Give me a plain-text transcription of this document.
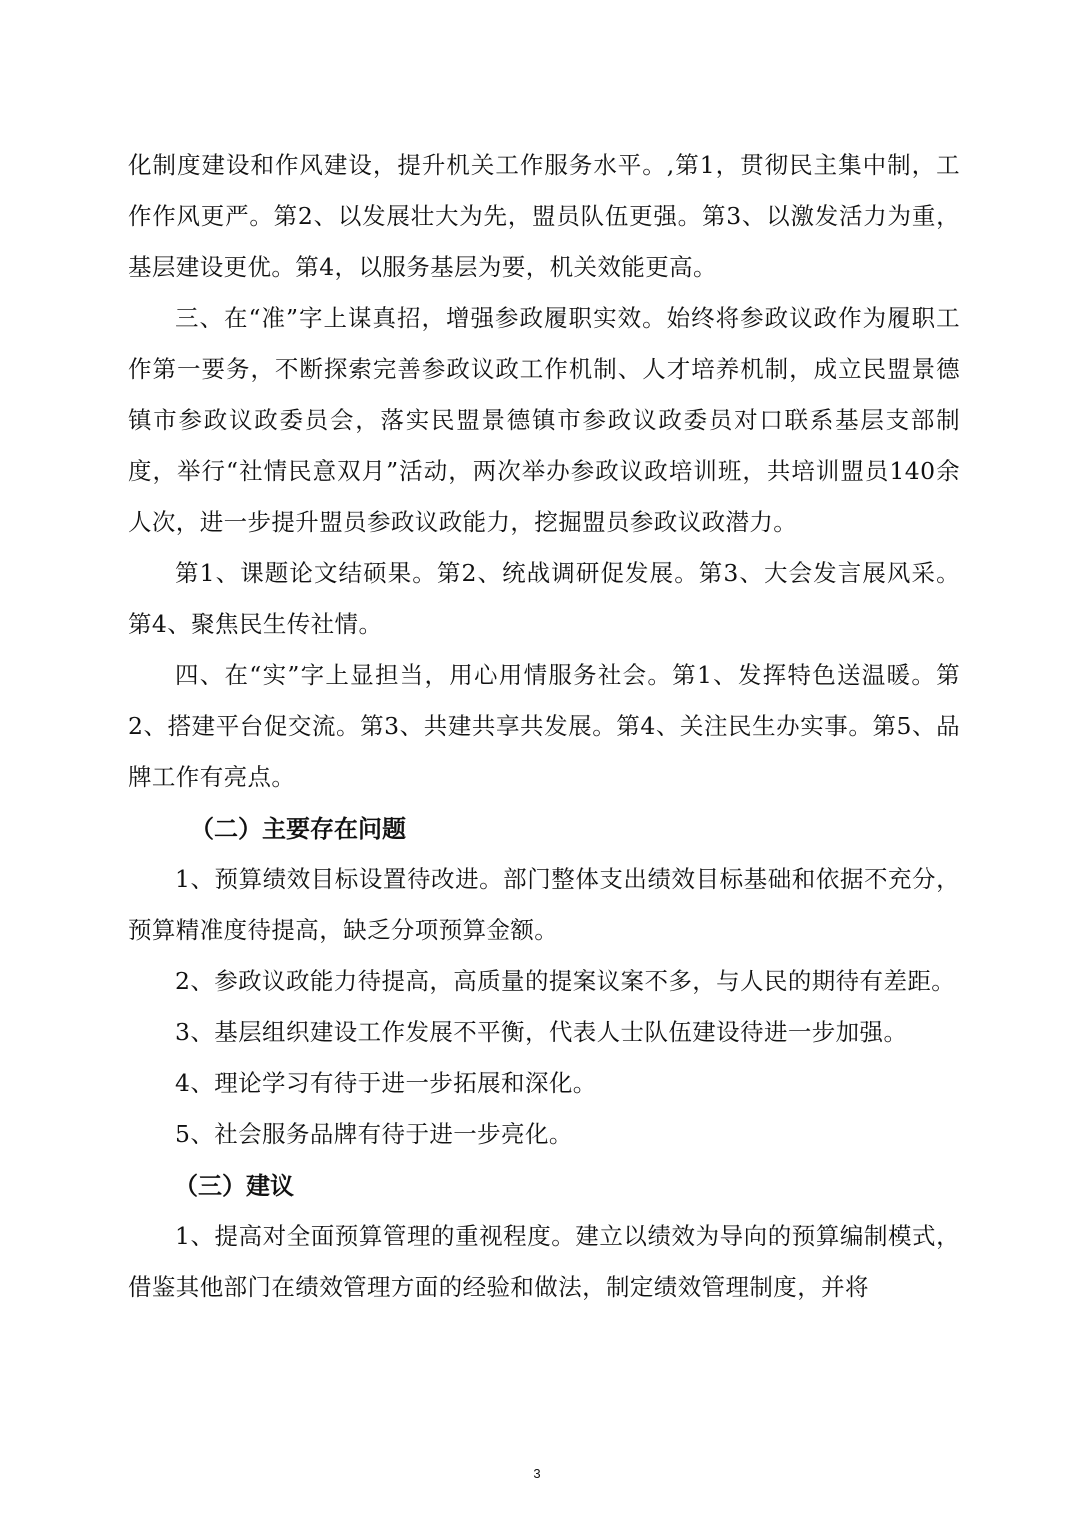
化制度建设和作风建设，提升机关工作服务水平。,第1，贯彻民主集中制，工作作风更严。第2、以发展壮大为先，盟员队伍更强。第3、以激发活力为重，基层建设更优。第4，以服务基层为要，机关效能更高。

三、在“准”字上谋真招，增强参政履职实效。始终将参政议政作为履职工作第一要务，不断探索完善参政议政工作机制、人才培养机制，成立民盟景德镇市参政议政委员会，落实民盟景德镇市参政议政委员对口联系基层支部制度，举行“社情民意双月”活动，两次举办参政议政培训班，共培训盟员140余人次，进一步提升盟员参政议政能力，挖掘盟员参政议政潜力。

第1、课题论文结硕果。第2、统战调研促发展。第3、大会发言展风采。第4、聚焦民生传社情。

四、在“实”字上显担当，用心用情服务社会。第1、发挥特色送温暖。第2、搭建平台促交流。第3、共建共享共发展。第4、关注民生办实事。第5、品牌工作有亮点。

（二）主要存在问题

1、预算绩效目标设置待改进。部门整体支出绩效目标基础和依据不充分，预算精准度待提高，缺乏分项预算金额。

2、参政议政能力待提高，高质量的提案议案不多，与人民的期待有差距。

3、基层组织建设工作发展不平衡，代表人士队伍建设待进一步加强。

4、理论学习有待于进一步拓展和深化。

5、社会服务品牌有待于进一步亮化。

（三）建议

1、提高对全面预算管理的重视程度。建立以绩效为导向的预算编制模式，借鉴其他部门在绩效管理方面的经验和做法，制定绩效管理制度，并将

3
